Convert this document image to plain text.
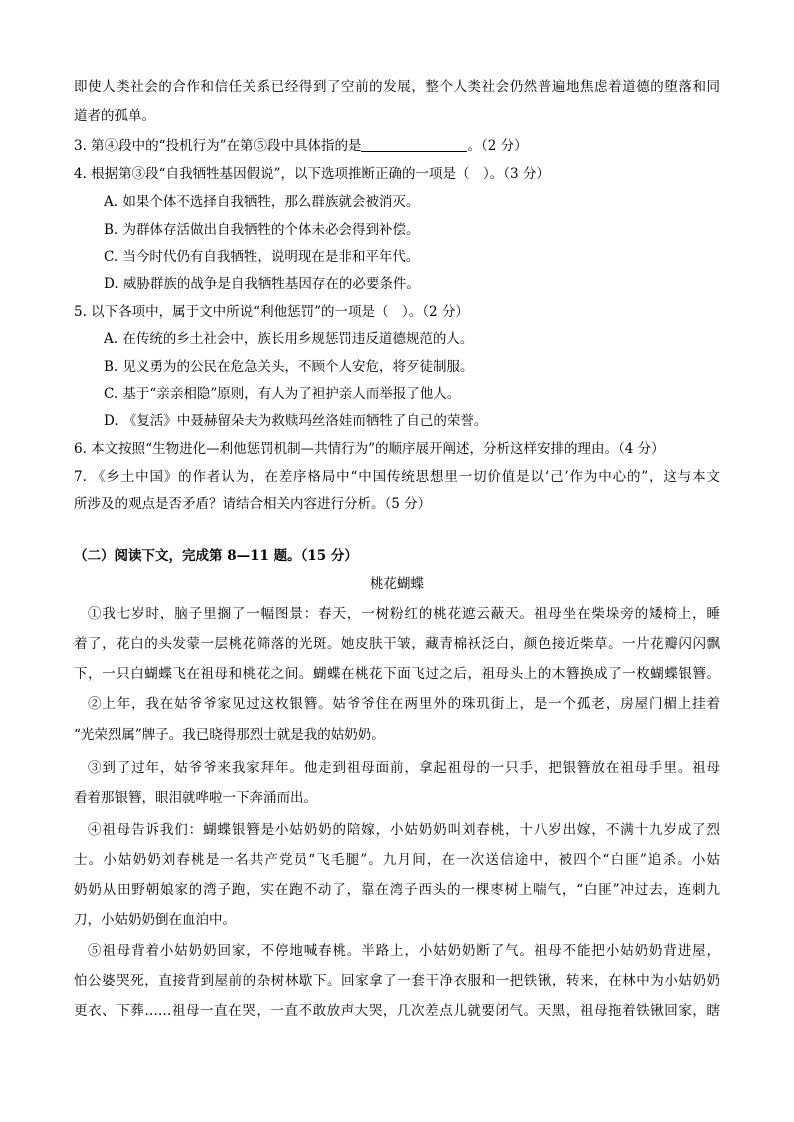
即使人类社会的合作和信任关系已经得到了空前的发展，整个人类社会仍然普遍地焦虑着道德的堕落和同
道者的孤单。
3. 第④段中的“投机行为”在第⑤段中具体指的是	。（2 分）
4. 根据第③段“自我牺牲基因假说”，以下选项推断正确的一项是（　）。（3 分）
A. 如果个体不选择自我牺牲，那么群族就会被消灭。
B. 为群体存活做出自我牺牲的个体未必会得到补偿。
C. 当今时代仍有自我牺牲，说明现在是非和平年代。
D. 威胁群族的战争是自我牺牲基因存在的必要条件。
5. 以下各项中，属于文中所说“利他惩罚”的一项是（　）。（2 分）
A. 在传统的乡土社会中，族长用乡规惩罚违反道德规范的人。
B. 见义勇为的公民在危急关头，不顾个人安危，将歹徒制服。
C. 基于“亲亲相隐”原则，有人为了袒护亲人而举报了他人。
D. 《复活》中聂赫留朵夫为救赎玛丝洛娃而牺牲了自己的荣誉。
6. 本文按照“生物进化—利他惩罚机制—共情行为”的顺序展开阐述，分析这样安排的理由。（4 分）
7. 《乡土中国》的作者认为，在差序格局中“中国传统思想里一切价值是以‘己’作为中心的”，这与本文
所涉及的观点是否矛盾？请结合相关内容进行分析。（5 分）
（二）阅读下文，完成第 8—11 题。（15 分）
桃花蝴蝶
①我七岁时，脑子里搁了一幅图景：春天，一树粉红的桃花遮云蔽天。祖母坐在柴垛旁的矮椅上，睡
着了，花白的头发蒙一层桃花筛落的光斑。她皮肤干皱，藏青棉袄泛白，颜色接近柴草。一片花瓣闪闪飘
下，一只白蝴蝶飞在祖母和桃花之间。蝴蝶在桃花下面飞过之后，祖母头上的木簪换成了一枚蝴蝶银簪。
②上年，我在姑爷爷家见过这枚银簪。姑爷爷住在两里外的珠玑街上，是一个孤老，房屋门楣上挂着
“光荣烈属”牌子。我已晓得那烈士就是我的姑奶奶。
③到了过年，姑爷爷来我家拜年。他走到祖母面前，拿起祖母的一只手，把银簪放在祖母手里。祖母
看着那银簪，眼泪就哗啦一下奔涌而出。
④祖母告诉我们：蝴蝶银簪是小姑奶奶的陪嫁，小姑奶奶叫刘春桃，十八岁出嫁，不满十九岁成了烈
士。小姑奶奶刘春桃是一名共产党员“飞毛腿”。九月间，在一次送信途中，被四个“白匪”追杀。小姑
奶奶从田野朝娘家的湾子跑，实在跑不动了，靠在湾子西头的一棵枣树上喘气，“白匪”冲过去，连刺九
刀，小姑奶奶倒在血泊中。
⑤祖母背着小姑奶奶回家，不停地喊春桃。半路上，小姑奶奶断了气。祖母不能把小姑奶奶背进屋，
怕公婆哭死，直接背到屋前的杂树林歇下。回家拿了一套干净衣服和一把铁锹，转来，在林中为小姑奶奶
更衣、下葬……祖母一直在哭，一直不敢放声大哭，几次差点儿就要闭气。天黑，祖母拖着铁锹回家，瞎
